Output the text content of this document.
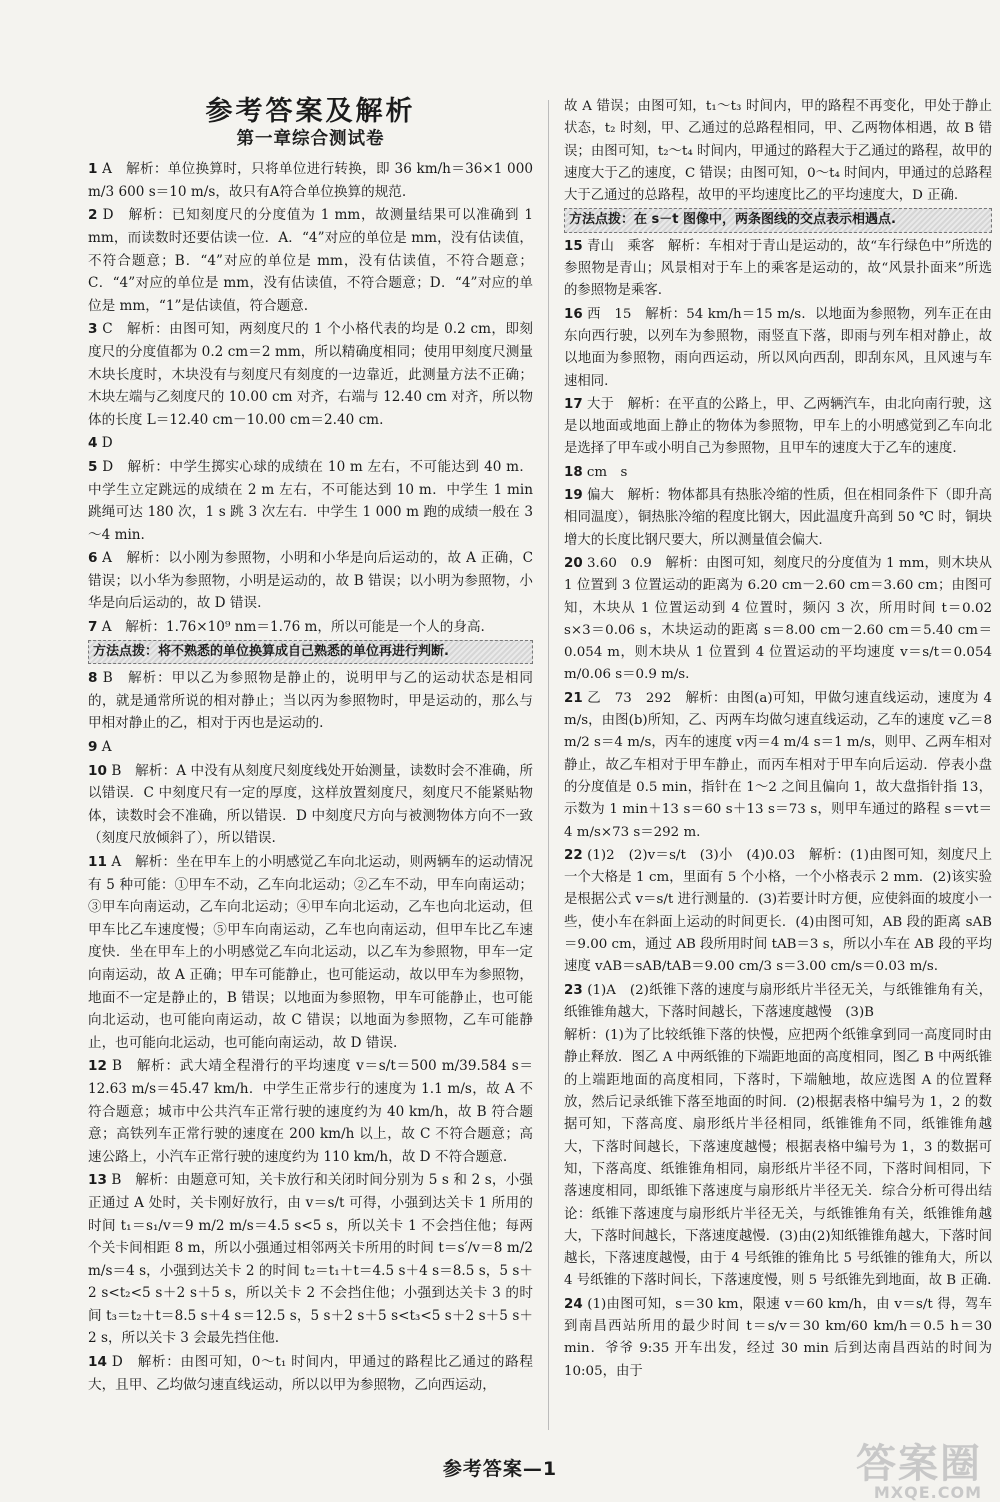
参考答案及解析
第一章综合测试卷

1 A　解析：单位换算时，只将单位进行转换，即 36 km/h＝36×1 000 m/3 600 s＝10 m/s，故只有A符合单位换算的规范.

2 D　解析：已知刻度尺的分度值为 1 mm，故测量结果可以准确到 1 mm，而读数时还要估读一位．A．“4”对应的单位是 mm，没有估读值，不符合题意；B．“4”对应的单位是 mm，没有估读值，不符合题意；C．“4”对应的单位是 mm，没有估读值，不符合题意；D．“4”对应的单位是 mm，“1”是估读值，符合题意.

3 C　解析：由图可知，两刻度尺的 1 个小格代表的均是 0.2 cm，即刻度尺的分度值都为 0.2 cm＝2 mm，所以精确度相同；使用甲刻度尺测量木块长度时，木块没有与刻度尺有刻度的一边靠近，此测量方法不正确；木块左端与乙刻度尺的 10.00 cm 对齐，右端与 12.40 cm 对齐，所以物体的长度 L＝12.40 cm－10.00 cm＝2.40 cm.

4 D

5 D　解析：中学生掷实心球的成绩在 10 m 左右，不可能达到 40 m．中学生立定跳远的成绩在 2 m 左右，不可能达到 10 m．中学生 1 min 跳绳可达 180 次，1 s 跳 3 次左右．中学生 1 000 m 跑的成绩一般在 3～4 min.

6 A　解析：以小刚为参照物，小明和小华是向后运动的，故 A 正确，C 错误；以小华为参照物，小明是运动的，故 B 错误；以小明为参照物，小华是向后运动的，故 D 错误.

7 A　解析：1.76×10⁹ nm＝1.76 m，所以可能是一个人的身高.

方法点拨：将不熟悉的单位换算成自己熟悉的单位再进行判断.

8 B　解析：甲以乙为参照物是静止的，说明甲与乙的运动状态是相同的，就是通常所说的相对静止；当以丙为参照物时，甲是运动的，那么与甲相对静止的乙，相对于丙也是运动的.

9 A

10 B　解析：A 中没有从刻度尺刻度线处开始测量，读数时会不准确，所以错误．C 中刻度尺有一定的厚度，这样放置刻度尺，刻度尺不能紧贴物体，读数时会不准确，所以错误．D 中刻度尺方向与被测物体方向不一致（刻度尺放倾斜了），所以错误.

11 A　解析：坐在甲车上的小明感觉乙车向北运动，则两辆车的运动情况有 5 种可能：①甲车不动，乙车向北运动；②乙车不动，甲车向南运动；③甲车向南运动，乙车向北运动；④甲车向北运动，乙车也向北运动，但甲车比乙车速度慢；⑤甲车向南运动，乙车也向南运动，但甲车比乙车速度快．坐在甲车上的小明感觉乙车向北运动，以乙车为参照物，甲车一定向南运动，故 A 正确；甲车可能静止，也可能运动，故以甲车为参照物，地面不一定是静止的，B 错误；以地面为参照物，甲车可能静止，也可能向北运动，也可能向南运动，故 C 错误；以地面为参照物，乙车可能静止，也可能向北运动，也可能向南运动，故 D 错误.

12 B　解析：武大靖全程滑行的平均速度 v＝s/t＝500 m/39.584 s＝12.63 m/s＝45.47 km/h．中学生正常步行的速度为 1.1 m/s，故 A 不符合题意；城市中公共汽车正常行驶的速度约为 40 km/h，故 B 符合题意；高铁列车正常行驶的速度在 200 km/h 以上，故 C 不符合题意；高速公路上，小汽车正常行驶的速度约为 110 km/h，故 D 不符合题意.

13 B　解析：由题意可知，关卡放行和关闭时间分别为 5 s 和 2 s，小强正通过 A 处时，关卡刚好放行，由 v＝s/t 可得，小强到达关卡 1 所用的时间 t₁＝s₁/v＝9 m/2 m/s＝4.5 s<5 s，所以关卡 1 不会挡住他；每两个关卡间相距 8 m，所以小强通过相邻两关卡所用的时间 t＝s′/v＝8 m/2 m/s＝4 s，小强到达关卡 2 的时间 t₂＝t₁＋t＝4.5 s＋4 s＝8.5 s，5 s＋2 s<t₂<5 s＋2 s＋5 s，所以关卡 2 不会挡住他；小强到达关卡 3 的时间 t₃＝t₂＋t＝8.5 s＋4 s＝12.5 s，5 s＋2 s＋5 s<t₃<5 s＋2 s＋5 s＋2 s，所以关卡 3 会最先挡住他.

14 D　解析：由图可知，0～t₁ 时间内，甲通过的路程比乙通过的路程大，且甲、乙均做匀速直线运动，所以以甲为参照物，乙向西运动，

故 A 错误；由图可知，t₁～t₃ 时间内，甲的路程不再变化，甲处于静止状态，t₂ 时刻，甲、乙通过的总路程相同，甲、乙两物体相遇，故 B 错误；由图可知，t₂～t₄ 时间内，甲通过的路程大于乙通过的路程，故甲的速度大于乙的速度，C 错误；由图可知，0～t₄ 时间内，甲通过的总路程大于乙通过的总路程，故甲的平均速度比乙的平均速度大，D 正确.

方法点拨：在 s－t 图像中，两条图线的交点表示相遇点.

15 青山　乘客　解析：车相对于青山是运动的，故“车行绿色中”所选的参照物是青山；风景相对于车上的乘客是运动的，故“风景扑面来”所选的参照物是乘客.

16 西　15　解析：54 km/h＝15 m/s．以地面为参照物，列车正在由东向西行驶，以列车为参照物，雨竖直下落，即雨与列车相对静止，故以地面为参照物，雨向西运动，所以风向西刮，即刮东风，且风速与车速相同.

17 大于　解析：在平直的公路上，甲、乙两辆汽车，由北向南行驶，这是以地面或地面上静止的物体为参照物，甲车上的小明感觉到乙车向北是选择了甲车或小明自己为参照物，且甲车的速度大于乙车的速度.

18 cm　s

19 偏大　解析：物体都具有热胀冷缩的性质，但在相同条件下（即升高相同温度），铜热胀冷缩的程度比钢大，因此温度升高到 50 ℃ 时，铜块增大的长度比钢尺要大，所以测量值会偏大.

20 3.60　0.9　解析：由图可知，刻度尺的分度值为 1 mm，则木块从 1 位置到 3 位置运动的距离为 6.20 cm－2.60 cm＝3.60 cm；由图可知，木块从 1 位置运动到 4 位置时，频闪 3 次，所用时间 t＝0.02 s×3＝0.06 s，木块运动的距离 s＝8.00 cm－2.60 cm＝5.40 cm＝0.054 m，则木块从 1 位置到 4 位置运动的平均速度 v＝s/t＝0.054 m/0.06 s＝0.9 m/s.

21 乙　73　292　解析：由图(a)可知，甲做匀速直线运动，速度为 4 m/s，由图(b)所知，乙、丙两车均做匀速直线运动，乙车的速度 v乙＝8 m/2 s＝4 m/s，丙车的速度 v丙＝4 m/4 s＝1 m/s，则甲、乙两车相对静止，故乙车相对于甲车静止，而丙车相对于甲车向后运动．停表小盘的分度值是 0.5 min，指针在 1～2 之间且偏向 1，故大盘指针指 13，示数为 1 min＋13 s＝60 s＋13 s＝73 s，则甲车通过的路程 s＝vt＝4 m/s×73 s＝292 m.

22 (1)2　(2)v＝s/t　(3)小　(4)0.03　解析：(1)由图可知，刻度尺上一个大格是 1 cm，里面有 5 个小格，一个小格表示 2 mm．(2)该实验是根据公式 v＝s/t 进行测量的．(3)若要计时方便，应使斜面的坡度小一些，使小车在斜面上运动的时间更长．(4)由图可知，AB 段的距离 sAB＝9.00 cm，通过 AB 段所用时间 tAB＝3 s，所以小车在 AB 段的平均速度 vAB＝sAB/tAB＝9.00 cm/3 s＝3.00 cm/s＝0.03 m/s.

23 (1)A　(2)纸锥下落的速度与扇形纸片半径无关，与纸锥锥角有关，纸锥锥角越大，下落时间越长，下落速度越慢　(3)B

解析：(1)为了比较纸锥下落的快慢，应把两个纸锥拿到同一高度同时由静止释放．图乙 A 中两纸锥的下端距地面的高度相同，图乙 B 中两纸锥的上端距地面的高度相同，下落时，下端触地，故应选图 A 的位置释放，然后记录纸锥下落至地面的时间．(2)根据表格中编号为 1，2 的数据可知，下落高度、扇形纸片半径相同，纸锥锥角不同，纸锥锥角越大，下落时间越长，下落速度越慢；根据表格中编号为 1，3 的数据可知，下落高度、纸锥锥角相同，扇形纸片半径不同，下落时间相同，下落速度相同，即纸锥下落速度与扇形纸片半径无关．综合分析可得出结论：纸锥下落速度与扇形纸片半径无关，与纸锥锥角有关，纸锥锥角越大，下落时间越长，下落速度越慢．(3)由(2)知纸锥锥角越大，下落时间越长，下落速度越慢，由于 4 号纸锥的锥角比 5 号纸锥的锥角大，所以 4 号纸锥的下落时间长，下落速度慢，则 5 号纸锥先到地面，故 B 正确.

24 (1)由图可知，s＝30 km，限速 v＝60 km/h，由 v＝s/t 得，驾车到南昌西站所用的最少时间 t＝s/v＝30 km/60 km/h＝0.5 h＝30 min．爷爷 9:35 开车出发，经过 30 min 后到达南昌西站的时间为 10:05，由于

参考答案—1	答案圈
MXQE.COM
